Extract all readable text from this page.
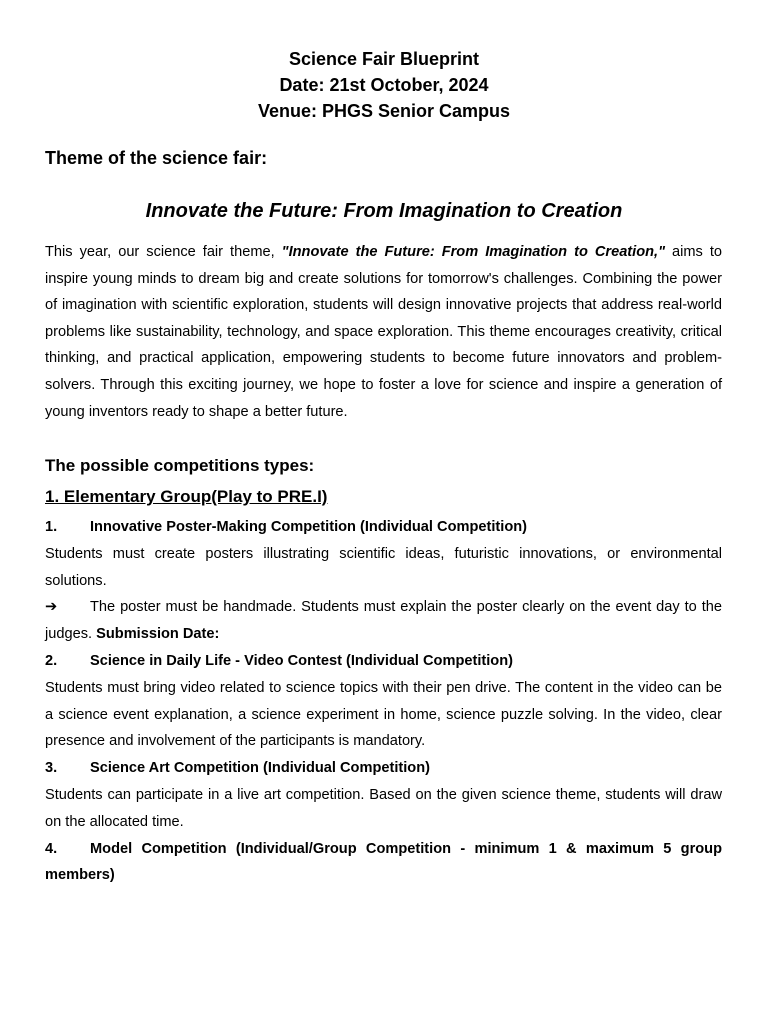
Science Fair Blueprint
Date: 21st October, 2024
Venue: PHGS Senior Campus
Theme of the science fair:
Innovate the Future: From Imagination to Creation
This year, our science fair theme, "Innovate the Future: From Imagination to Creation," aims to inspire young minds to dream big and create solutions for tomorrow's challenges. Combining the power of imagination with scientific exploration, students will design innovative projects that address real-world problems like sustainability, technology, and space exploration. This theme encourages creativity, critical thinking, and practical application, empowering students to become future innovators and problem-solvers. Through this exciting journey, we hope to foster a love for science and inspire a generation of young inventors ready to shape a better future.
The possible competitions types:
1. Elementary Group(Play to PRE.I)
1.	Innovative Poster-Making Competition (Individual Competition)
Students must create posters illustrating scientific ideas, futuristic innovations, or environmental solutions.
➔ The poster must be handmade. Students must explain the poster clearly on the event day to the judges. Submission Date:
2.	Science in Daily Life - Video Contest (Individual Competition)
Students must bring video related to science topics with their pen drive. The content in the video can be a science event explanation, a science experiment in home, science puzzle solving. In the video, clear presence and involvement of the participants is mandatory.
3.	Science Art Competition (Individual Competition)
Students can participate in a live art competition. Based on the given science theme, students will draw on the allocated time.
4. Model Competition (Individual/Group Competition - minimum 1 & maximum 5 group members)
